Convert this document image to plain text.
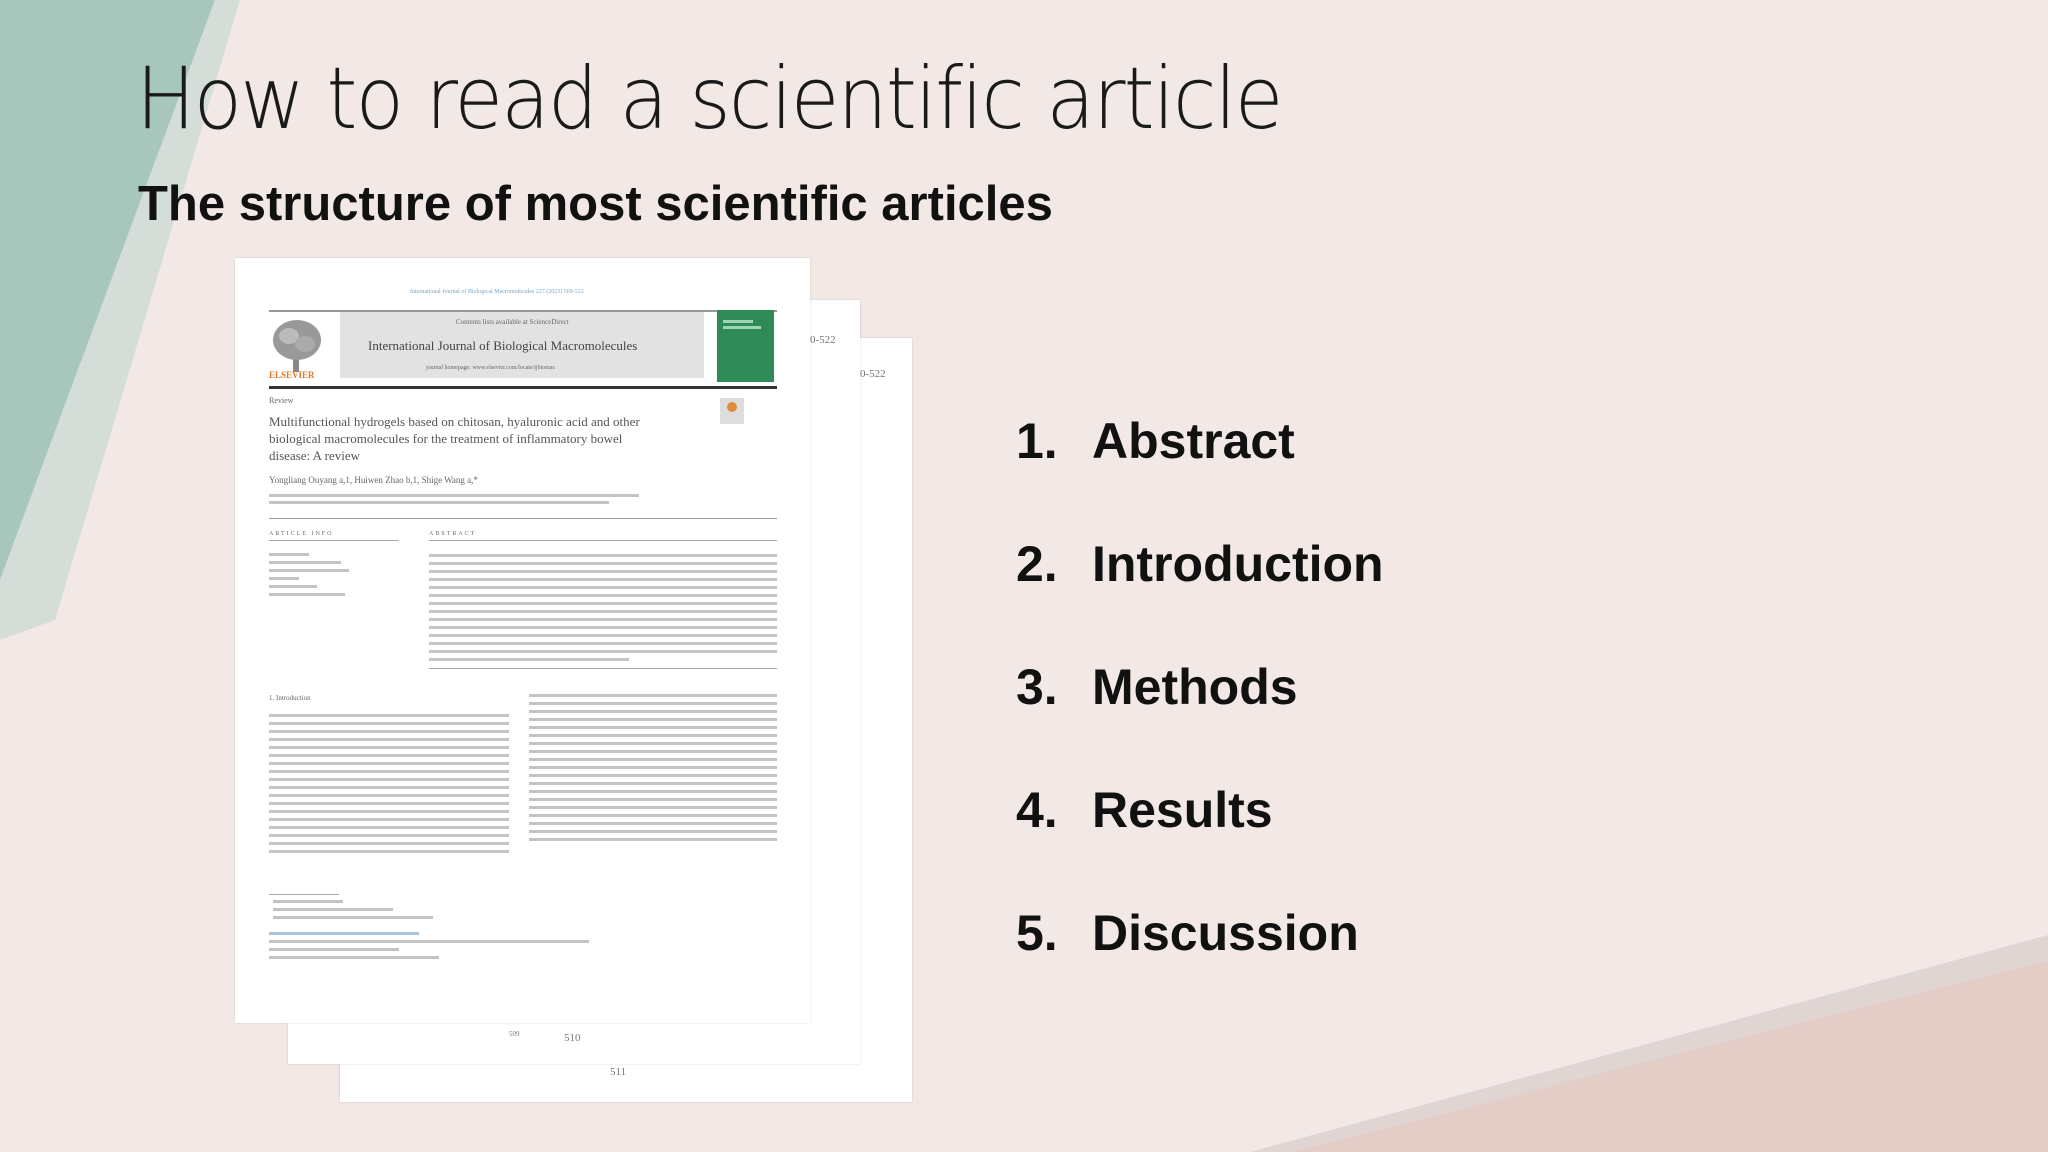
How to read a scientific article
The structure of most scientific articles
0-522
511
0-522
510
International Journal of Biological Macromolecules 227 (2023) 509-522
ELSEVIER
Contents lists available at ScienceDirect
International Journal of Biological Macromolecules
journal homepage: www.elsevier.com/locate/ijbiomac
Review
Multifunctional hydrogels based on chitosan, hyaluronic acid and other
biological macromolecules for the treatment of inflammatory bowel
disease: A review
Yongliang Ouyang a,1, Huiwen Zhao b,1, Shige Wang a,*
ARTICLE INFO	ABSTRACT
1. Introduction
509
1. Abstract
2. Introduction
3. Methods
4. Results
5. Discussion
